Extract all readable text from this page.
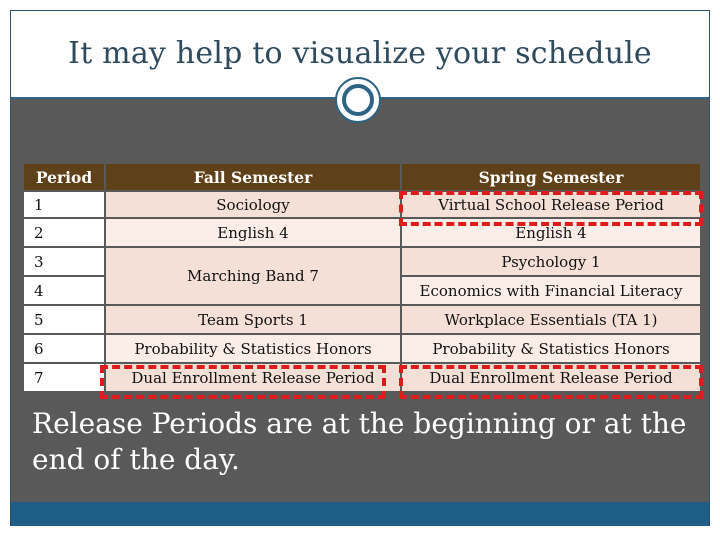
It may help to visualize your schedule
Period	Fall Semester	Spring Semester
1	Sociology	Virtual School Release Period
2	English 4	English 4
3	Marching Band 7	Psychology 1
4		Economics with Financial Literacy
5	Team Sports 1	Workplace Essentials (TA 1)
6	Probability & Statistics Honors	Probability & Statistics Honors
7	Dual Enrollment Release Period	Dual Enrollment Release Period
Release Periods are at the beginning or at the end of the day.
